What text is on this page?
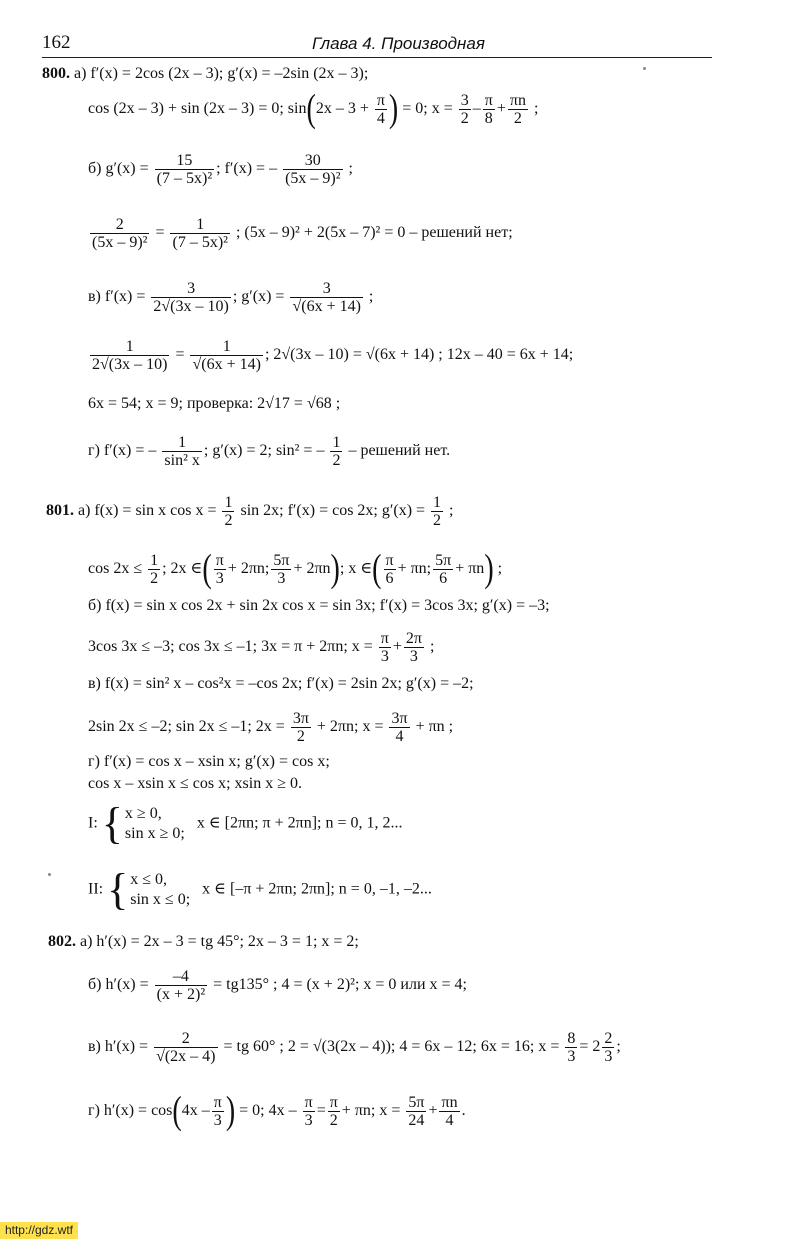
162	Глава 4. Производная
800. а) f′(x) = 2cos (2x – 3); g′(x) = –2sin (2x – 3);
cos (2x – 3) + sin (2x – 3) = 0; $\sin(2x - 3 + \frac{\pi}{4}$ ) = 0; $x = \frac{3}{2} - \frac{\pi}{8} + \frac{\pi n}{2}$ ;
б) $g'(x) = \frac{15}{\text{(7 – 5x)²}}$ ; f′(x) = – $\frac{30}{\text{(5x – 9)²}}$ ;
$\frac{2}{\text{(5x – 9)²}} = \frac{1}{\text{(7 – 5x)²}}$ ; (5x – 9)² + 2(5x – 7)² = 0 – решений нет;
в) $f'(x) = \frac{3}{2√(3x - 10)}$ ; $g'(x) = \frac{3}{√(6x + 14)}$ ;
$\frac{1}{2√(3x - 10)} = \frac{1}{√(6x + 14)}$ ; 2√(3x – 10) = √(6x + 14) ; 12x – 40 = 6x + 14;
6x = 54; x = 9; проверка: 2√17 = √68 ;
г) f′(x) = – $\frac{1}{\text{sin² x}}$ ; g′(x) = 2; sin² = – $\frac{1}{2}$ – решений нет.
801. а) f(x) = sin x $\cos x = \frac{1}{2}$ sin 2x; f′(x) = cos 2x; $g'(x) = \frac{1}{2}$ ;
$\cos 2x \le \frac{1}{2}$ ; 2x ∈( $\frac{\pi}{3} + 2\pi n$; $\frac{5\pi}{3} + 2\pi n$); x ∈( $\frac{\pi}{6} + \pi n$; $\frac{5\pi}{6} + \pi n$) ;
б) f(x) = sin x cos 2x + sin 2x cos x = sin 3x; f′(x) = 3cos 3x; g′(x) = –3;
3cos 3x ≤ –3; cos 3x ≤ –1; 3x = π + 2πn; $x = \frac{\pi}{3} + \frac{2\pi}{3}$ ;
в) f(x) = sin² x – cos²x = –cos 2x; f′(x) = 2sin 2x; g′(x) = –2;
2sin 2x ≤ –2; sin 2x ≤ –1; $2x = \frac{3\pi}{2} + 2\pi n$; $x = \frac{3\pi}{4} + \pi n$ ;
г) f′(x) = cos x – xsin x; g′(x) = cos x;
cos x – xsin x ≤ cos x; xsin x ≥ 0.
I: { x ≥ 0,
sin x ≥ 0;
x ∈ [2πn; π + 2πn]; n = 0, 1, 2...
II: { x ≤ 0,
sin x ≤ 0;
x ∈ [–π + 2πn; 2πn]; n = 0, –1, –2...
802. а) h′(x) = 2x – 3 = tg 45°; 2x – 3 = 1; x = 2;
б) $h'(x) = \frac{-4}{\text{(x + 2)²}} = tg135^\circ$ ; 4 = (x + 2)²; x = 0 или x = 4;
в) $h'(x) = \frac{2}{√(2x - 4)}$ = tg 60° ; 2 = √(3(2x – 4)); 4 = 6x – 12; 6x = 16; $x = \frac{8}{3} = 2 \frac{2}{3}$ ;
г) $h'(x) = \cos(4x - \frac{\pi}{3}$ ) = 0; $4x - \frac{\pi}{3} = \frac{\pi}{2} + \pi n$; $x = \frac{5\pi}{24} + \frac{\pi n}{4}$ .
http://gdz.wtf
